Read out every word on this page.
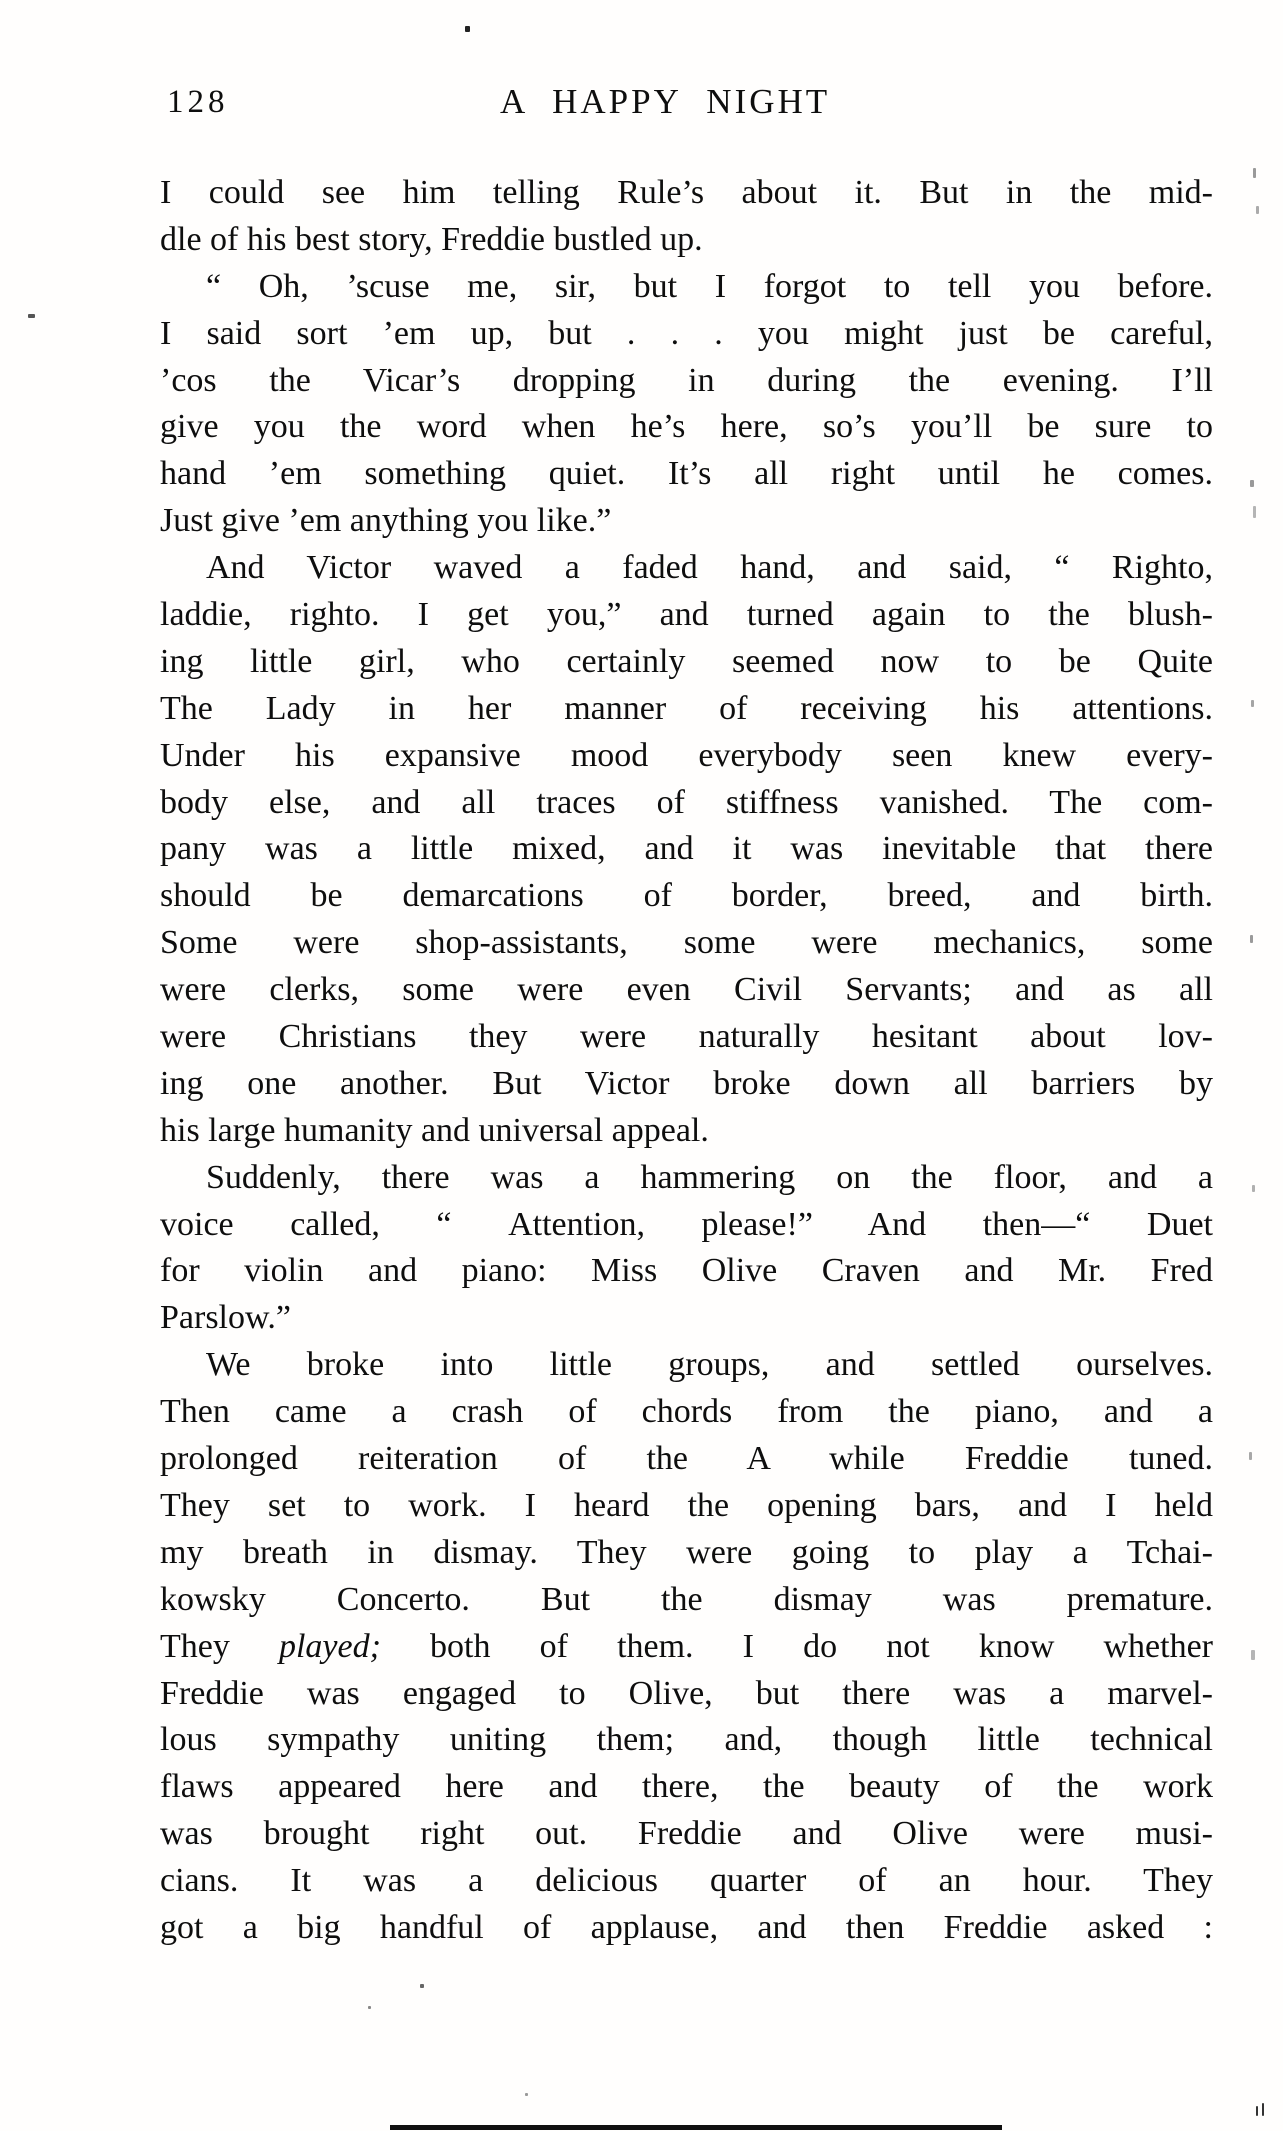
128	A HAPPY NIGHT
I could see him telling Rule’s about it. But in the mid-
dle of his best story, Freddie bustled up.
“ Oh, ’scuse me, sir, but I forgot to tell you before.
I said sort ’em up, but . . . you might just be careful,
’cos the Vicar’s dropping in during the evening. I’ll
give you the word when he’s here, so’s you’ll be sure to
hand ’em something quiet. It’s all right until he comes.
Just give ’em anything you like.”
And Victor waved a faded hand, and said, “ Righto,
laddie, righto. I get you,” and turned again to the blush-
ing little girl, who certainly seemed now to be Quite
The Lady in her manner of receiving his attentions.
Under his expansive mood everybody seen knew every-
body else, and all traces of stiffness vanished. The com-
pany was a little mixed, and it was inevitable that there
should be demarcations of border, breed, and birth.
Some were shop-assistants, some were mechanics, some
were clerks, some were even Civil Servants; and as all
were Christians they were naturally hesitant about lov-
ing one another. But Victor broke down all barriers by
his large humanity and universal appeal.
Suddenly, there was a hammering on the floor, and a
voice called, “ Attention, please!” And then—“ Duet
for violin and piano: Miss Olive Craven and Mr. Fred
Parslow.”
We broke into little groups, and settled ourselves.
Then came a crash of chords from the piano, and a
prolonged reiteration of the A while Freddie tuned.
They set to work. I heard the opening bars, and I held
my breath in dismay. They were going to play a Tchai-
kowsky Concerto. But the dismay was premature.
They played; both of them. I do not know whether
Freddie was engaged to Olive, but there was a marvel-
lous sympathy uniting them; and, though little technical
flaws appeared here and there, the beauty of the work
was brought right out. Freddie and Olive were musi-
cians. It was a delicious quarter of an hour. They
got a big handful of applause, and then Freddie asked :
